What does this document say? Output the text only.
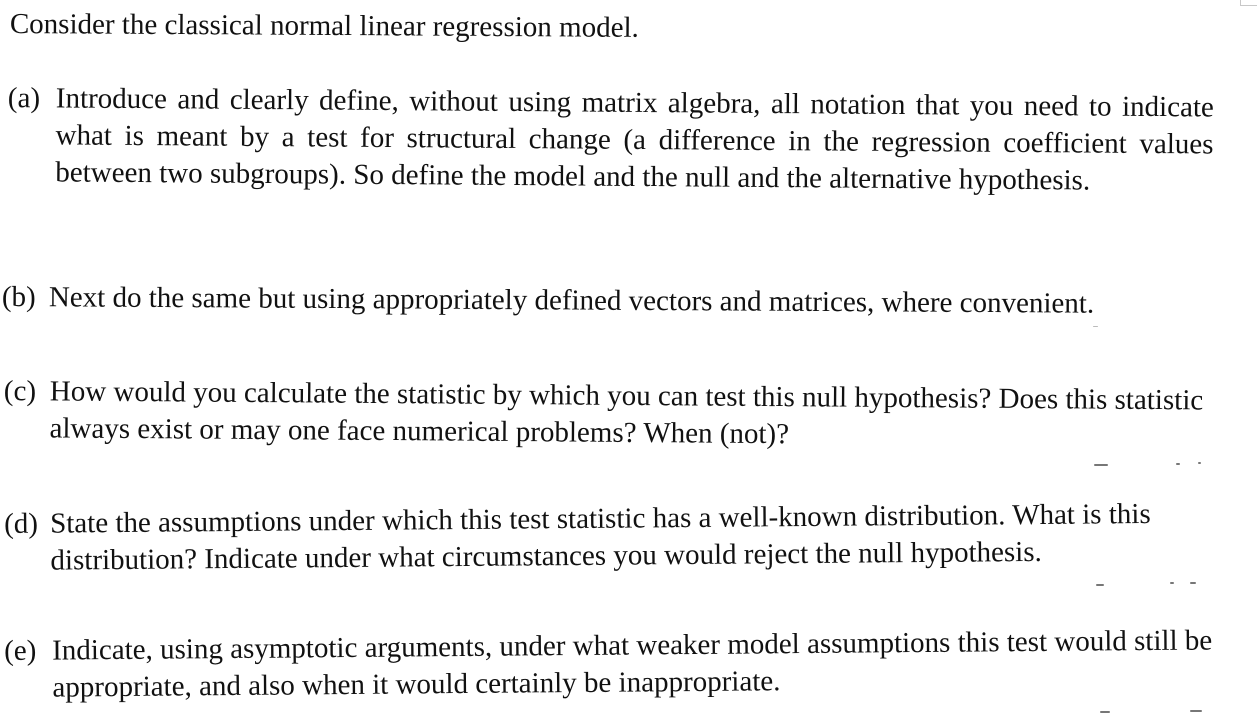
Consider the classical normal linear regression model.
(a) Introduce and clearly define, without using matrix algebra, all notation that you need to indicate what is meant by a test for structural change (a difference in the regression coefficient values between two subgroups). So define the model and the null and the alternative hypothesis.
(b) Next do the same but using appropriately defined vectors and matrices, where convenient.
(c) How would you calculate the statistic by which you can test this null hypothesis? Does this statistic always exist or may one face numerical problems? When (not)?
(d) State the assumptions under which this test statistic has a well-known distribution. What is this distribution? Indicate under what circumstances you would reject the null hypothesis.
(e) Indicate, using asymptotic arguments, under what weaker model assumptions this test would still be appropriate, and also when it would certainly be inappropriate.
